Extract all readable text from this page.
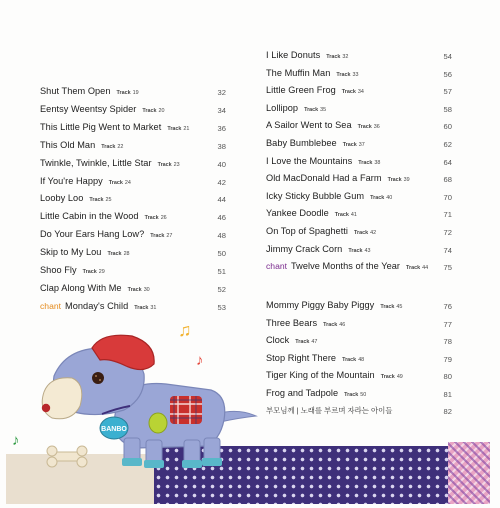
Shut Them Open Track 19	32
Eentsy Weentsy Spider Track 20	34
This Little Pig Went to Market Track 21	36
This Old Man Track 22	38
Twinkle, Twinkle, Little Star Track 23	40
If You're Happy Track 24	42
Looby Loo Track 25	44
Little Cabin in the Wood Track 26	46
Do Your Ears Hang Low? Track 27	48
Skip to My Lou Track 28	50
Shoo Fly Track 29	51
Clap Along With Me Track 30	52
chant Monday's Child Track 31	53
I Like Donuts Track 32	54
The Muffin Man Track 33	56
Little Green Frog Track 34	57
Lollipop Track 35	58
A Sailor Went to Sea Track 36	60
Baby Bumblebee Track 37	62
I Love the Mountains Track 38	64
Old MacDonald Had a Farm Track 39	68
Icky Sticky Bubble Gum Track 40	70
Yankee Doodle Track 41	71
On Top of Spaghetti Track 42	72
Jimmy Crack Corn Track 43	74
chant Twelve Months of the Year Track 44	75
Mommy Piggy Baby Piggy Track 45	76
Three Bears Track 46	77
Clock Track 47	78
Stop Right There Track 48	79
Tiger King of the Mountain Track 49	80
Frog and Tadpole Track 50	81
부모님께 | 노래를 부르며 자라는 아이들	82
BANBO
♫
♪
♪
